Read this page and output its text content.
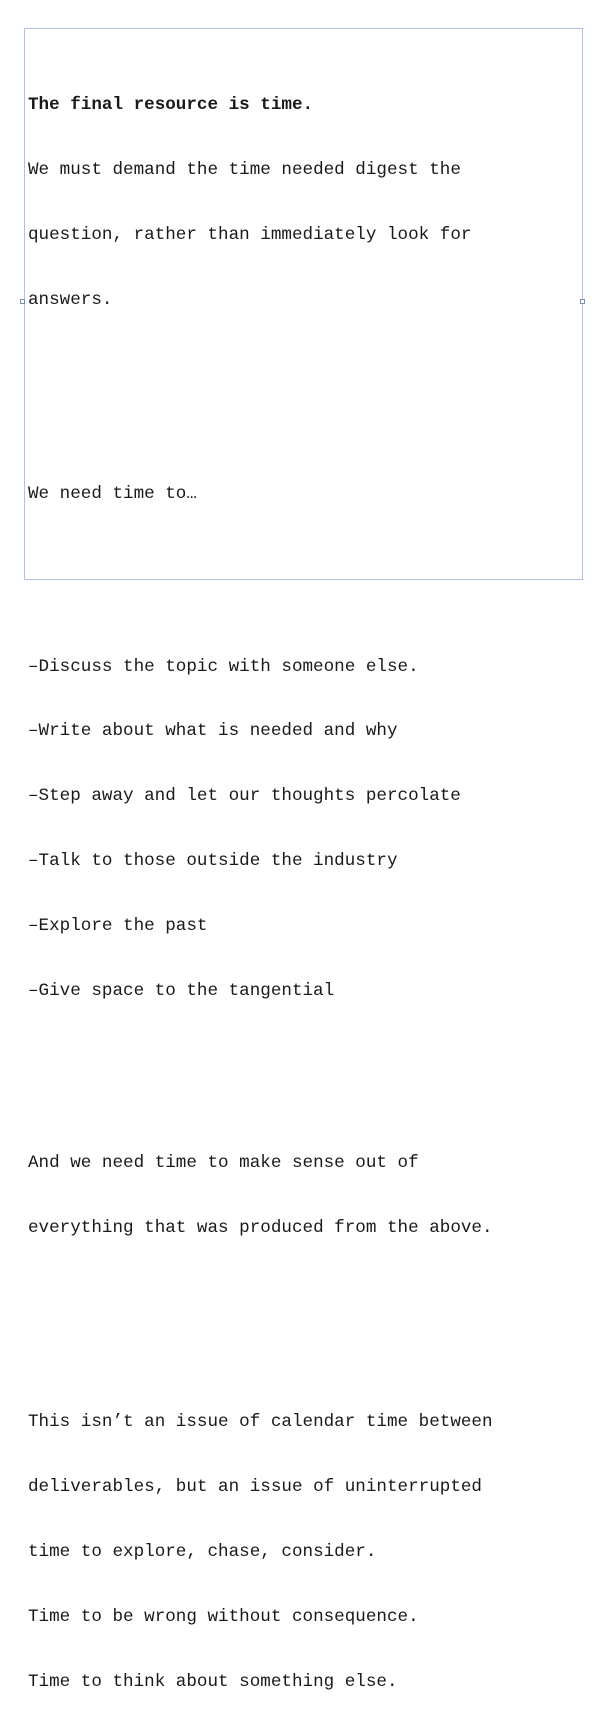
The final resource is time.

We must demand the time needed digest the

question, rather than immediately look for

answers.

We need time to…

–Discuss the topic with someone else.

–Write about what is needed and why

–Step away and let our thoughts percolate

–Talk to those outside the industry

–Explore the past

–Give space to the tangential

And we need time to make sense out of

everything that was produced from the above.

This isn’t an issue of calendar time between

deliverables, but an issue of uninterrupted

time to explore, chase, consider.

Time to be wrong without consequence.

Time to think about something else.
